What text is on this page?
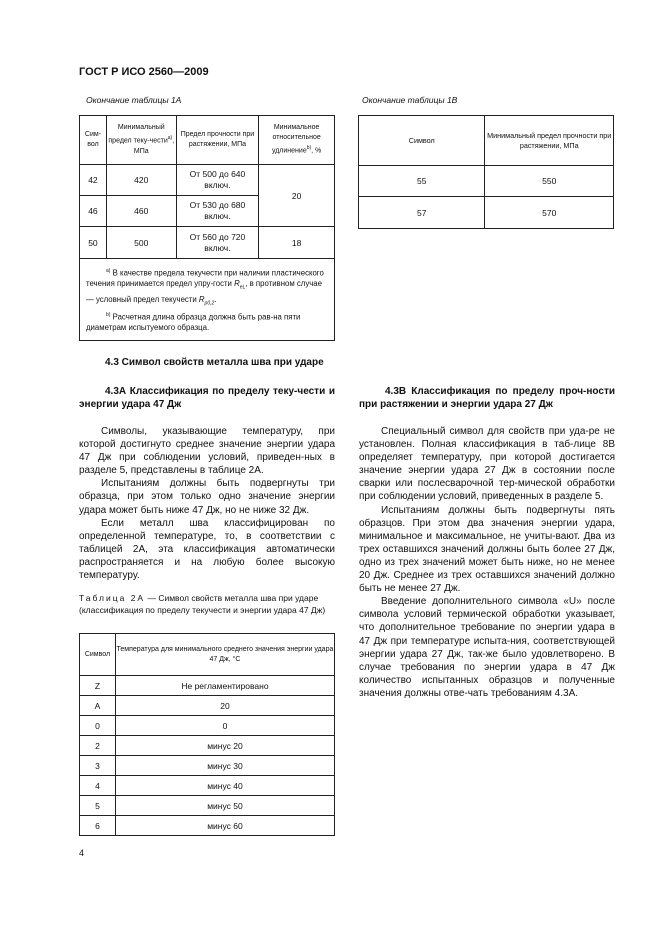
ГОСТ Р ИСО 2560—2009
Окончание таблицы 1А
Сим-вол	Минимальный предел теку-чести$^{а)}$, МПа	Предел прочности при растяжении, МПа	Минимальное относительное удлинение$^{b)}$, %
42	420	От 500 до 640 включ.	20
46	460	От 530 до 680 включ.	
50	500	От 560 до 720 включ.	18

$^{а)}$ В качестве предела текучести при наличии пластического течения принимается предел упру-гости $R_{eL}$, в противном случае — условный предел текучести $R_{p0,2}$.

$^{b)}$ Расчетная длина образца должна быть рав-на пяти диаметрам испытуемого образца.			

Окончание таблицы 1В
Символ	Минимальный предел прочности при растяжении, МПа
55	550
57	570
4.3 Символ свойств металла шва при ударе
4.3А Классификация по пределу теку-чести и энергии удара 47 Дж

Символы, указывающие температуру, при которой достигнуто среднее значение энергии удара 47 Дж при соблюдении условий, приведен-ных в разделе 5, представлены в таблице 2А.

Испытаниям должны быть подвергнуты три образца, при этом только одно значение энергии удара может быть ниже 47 Дж, но не ниже 32 Дж.

Если металл шва классифицирован по определенной температуре, то, в соответствии с таблицей 2А, эта классификация автоматически распространяется и на любую более высокую температуру.

Таблица 2А — Символ свойств металла шва при ударе (классификация по пределу текучести и энергии удара 47 Дж)
Символ	Температура для минимального среднего значения энергии удара 47 Дж, °С
Z	Не регламентировано
A	20
0	0
2	минус 20
3	минус 30
4	минус 40
5	минус 50
6	минус 60
4.3В Классификация по пределу проч-ности при растяжении и энергии удара 27 Дж

Специальный символ для свойств при уда-ре не установлен. Полная классификация в таб-лице 8В определяет температуру, при которой достигается значение энергии удара 27 Дж в состоянии после сварки или послесварочной тер-мической обработки при соблюдении условий, приведенных в разделе 5.

Испытаниям должны быть подвергнуты пять образцов. При этом два значения энергии удара, минимальное и максимальное, не учиты-вают. Два из трех оставшихся значений должны быть более 27 Дж, одно из трех значений может быть ниже, но не менее 20 Дж. Среднее из трех оставшихся значений должно быть не менее 27 Дж.

Введение дополнительного символа «U» после символа условий термической обработки указывает, что дополнительное требование по энергии удара в 47 Дж при температуре испыта-ния, соответствующей энергии удара 27 Дж, так-же было удовлетворено. В случае требования по энергии удара в 47 Дж количество испытанных образцов и полученные значения должны отве-чать требованиям 4.3А.

4
